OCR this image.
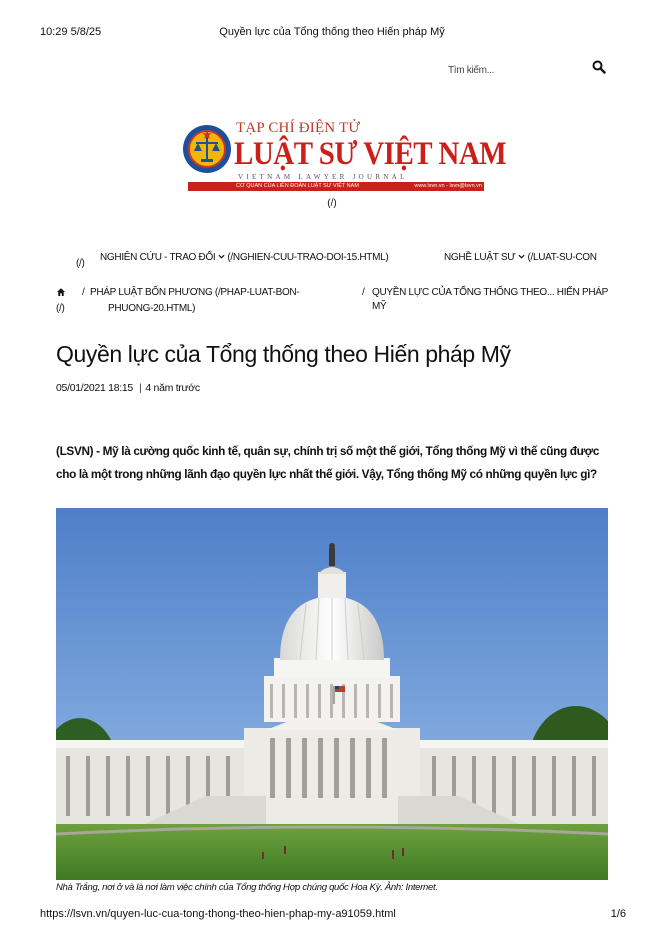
10:29 5/8/25	Quyền lực của Tổng thống theo Hiến pháp Mỹ
Tìm kiếm...
TẠP CHÍ ĐIỆN TỬ
LUẬT SƯ VIỆT NAM
VIETNAM LAWYER JOURNAL
CƠ QUAN CỦA LIÊN ĐOÀN LUẬT SƯ VIỆT NAM	www.lsvn.vn - lsvn@lsvn.vn
(/)
(/)
NGHIÊN CỨU - TRAO ĐỔI (/NGHIEN-CUU-TRAO-DOI-15.HTML)	NGHỀ LUẬT SƯ (/LUAT-SU-CON
/ PHÁP LUẬT BỐN PHƯƠNG (/PHAP-LUAT-BON-
PHUONG-20.HTML)
(/)
/ QUYỀN LỰC CỦA TỔNG THỐNG THEO... HIẾN PHÁP MỸ
Quyền lực của Tổng thống theo Hiến pháp Mỹ
05/01/2021 18:15 | 4 năm trước

(LSVN) - Mỹ là cường quốc kinh tế, quân sự, chính trị số một thế giới, Tổng thống Mỹ vì thế cũng được cho là một trong những lãnh đạo quyền lực nhất thế giới. Vậy, Tổng thống Mỹ có những quyền lực gì?

Nhà Trắng, nơi ở và là nơi làm việc chính của Tổng thống Hợp chúng quốc Hoa Kỳ. Ảnh: Internet.
https://lsvn.vn/quyen-luc-cua-tong-thong-theo-hien-phap-my-a91059.html	1/6
